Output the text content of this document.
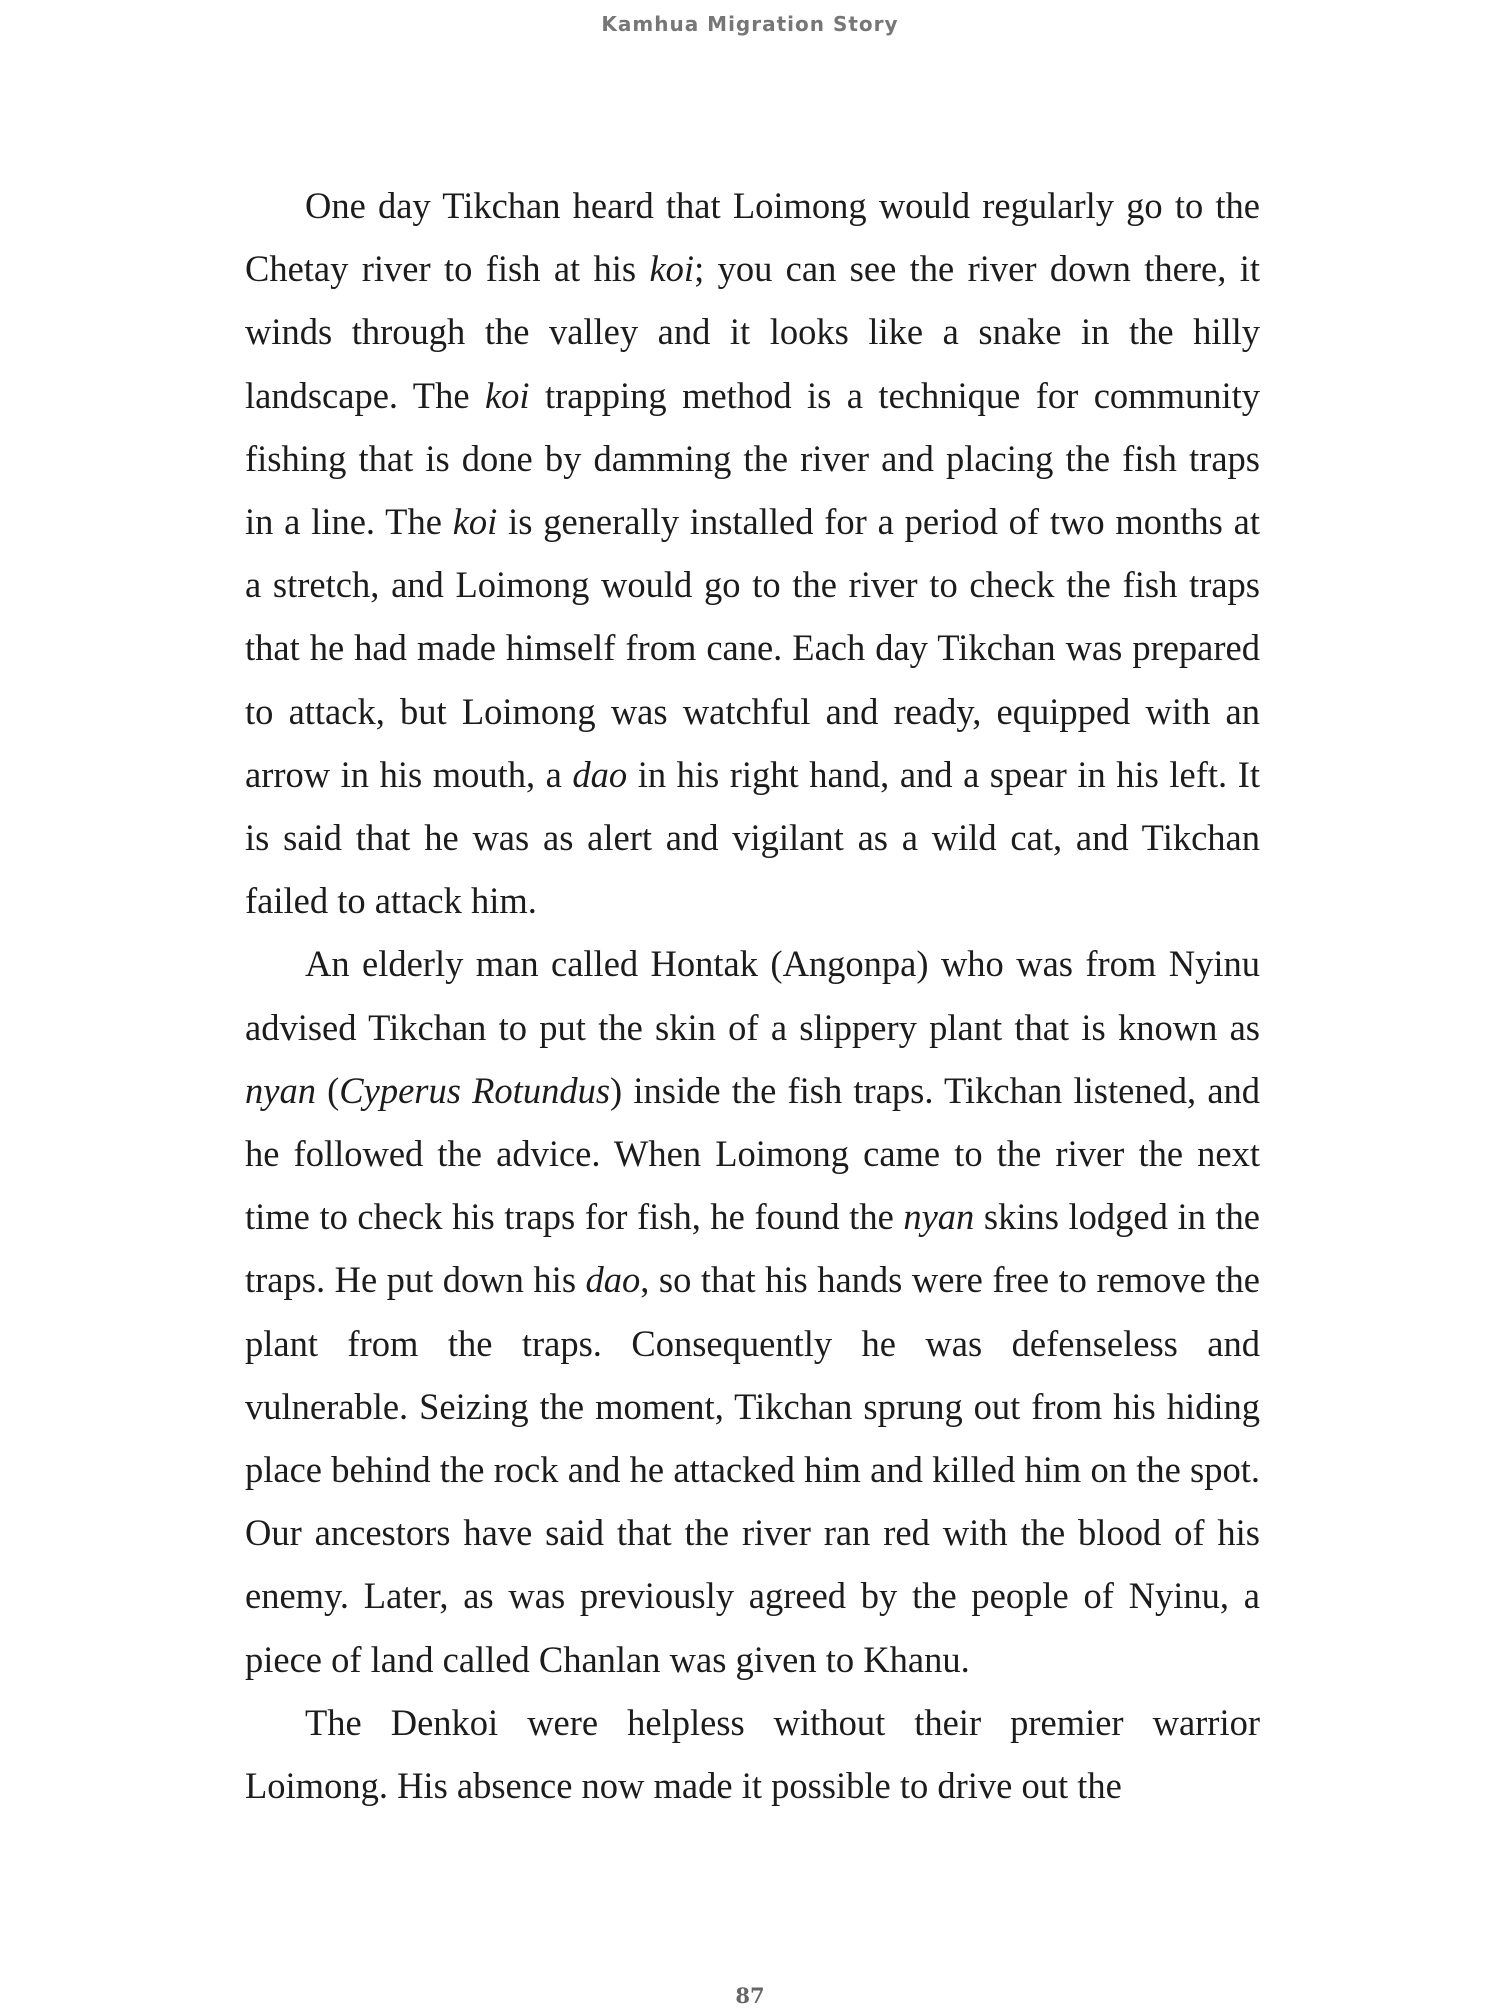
Kamhua Migration Story

One day Tikchan heard that Loimong would regularly go to the Chetay river to fish at his koi; you can see the river down there, it winds through the valley and it looks like a snake in the hilly landscape. The koi trapping method is a technique for community fishing that is done by damming the river and placing the fish traps in a line. The koi is generally installed for a period of two months at a stretch, and Loimong would go to the river to check the fish traps that he had made himself from cane. Each day Tikchan was prepared to attack, but Loimong was watchful and ready, equipped with an arrow in his mouth, a dao in his right hand, and a spear in his left. It is said that he was as alert and vigilant as a wild cat, and Tikchan failed to attack him.

An elderly man called Hontak (Angonpa) who was from Nyinu advised Tikchan to put the skin of a slippery plant that is known as nyan (Cyperus Rotundus) inside the fish traps. Tikchan listened, and he followed the advice. When Loimong came to the river the next time to check his traps for fish, he found the nyan skins lodged in the traps. He put down his dao, so that his hands were free to remove the plant from the traps. Consequently he was defenseless and vulnerable. Seizing the moment, Tikchan sprung out from his hiding place behind the rock and he attacked him and killed him on the spot. Our ancestors have said that the river ran red with the blood of his enemy. Later, as was previously agreed by the people of Nyinu, a piece of land called Chanlan was given to Khanu.

The Denkoi were helpless without their premier warrior Loimong. His absence now made it possible to drive out the

87
